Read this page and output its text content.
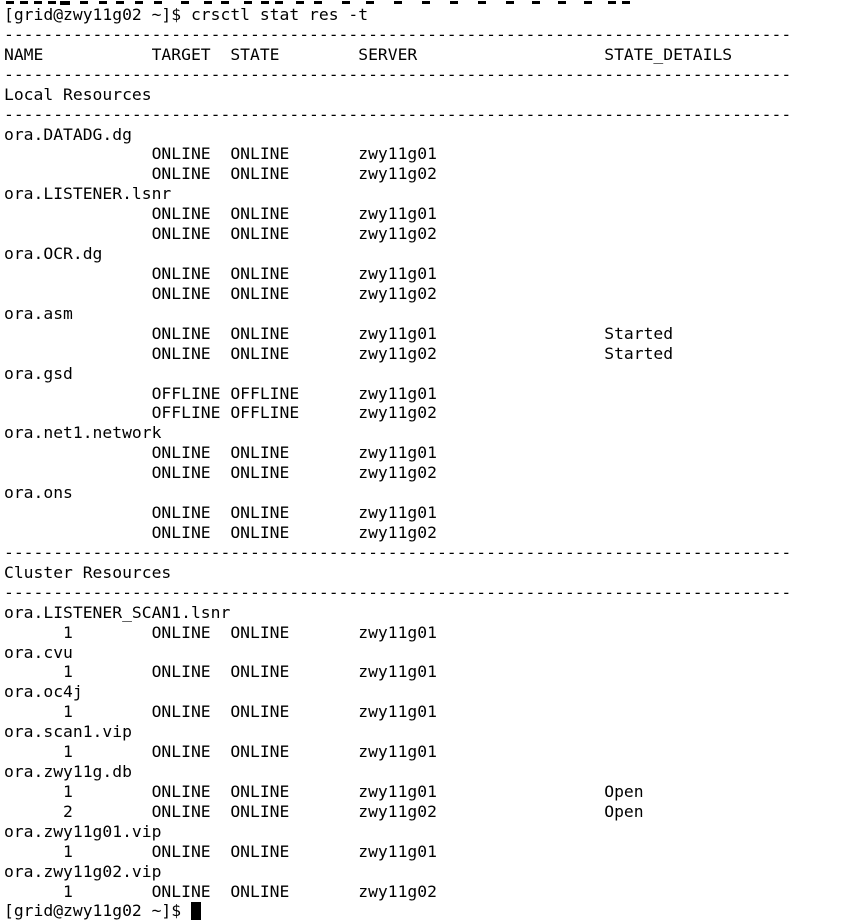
[grid@zwy11g02 ~]$ crsctl stat res -t
--------------------------------------------------------------------------------
NAME           TARGET  STATE        SERVER                   STATE_DETAILS
--------------------------------------------------------------------------------
Local Resources
--------------------------------------------------------------------------------
ora.DATADG.dg
ONLINE  ONLINE       zwy11g01
ONLINE  ONLINE       zwy11g02
ora.LISTENER.lsnr
ONLINE  ONLINE       zwy11g01
ONLINE  ONLINE       zwy11g02
ora.OCR.dg
ONLINE  ONLINE       zwy11g01
ONLINE  ONLINE       zwy11g02
ora.asm
ONLINE  ONLINE       zwy11g01                 Started
ONLINE  ONLINE       zwy11g02                 Started
ora.gsd
OFFLINE OFFLINE      zwy11g01
OFFLINE OFFLINE      zwy11g02
ora.net1.network
ONLINE  ONLINE       zwy11g01
ONLINE  ONLINE       zwy11g02
ora.ons
ONLINE  ONLINE       zwy11g01
ONLINE  ONLINE       zwy11g02
--------------------------------------------------------------------------------
Cluster Resources
--------------------------------------------------------------------------------
ora.LISTENER_SCAN1.lsnr
1        ONLINE  ONLINE       zwy11g01
ora.cvu
1        ONLINE  ONLINE       zwy11g01
ora.oc4j
1        ONLINE  ONLINE       zwy11g01
ora.scan1.vip
1        ONLINE  ONLINE       zwy11g01
ora.zwy11g.db
1        ONLINE  ONLINE       zwy11g01                 Open
2        ONLINE  ONLINE       zwy11g02                 Open
ora.zwy11g01.vip
1        ONLINE  ONLINE       zwy11g01
ora.zwy11g02.vip
1        ONLINE  ONLINE       zwy11g02
[grid@zwy11g02 ~]$
